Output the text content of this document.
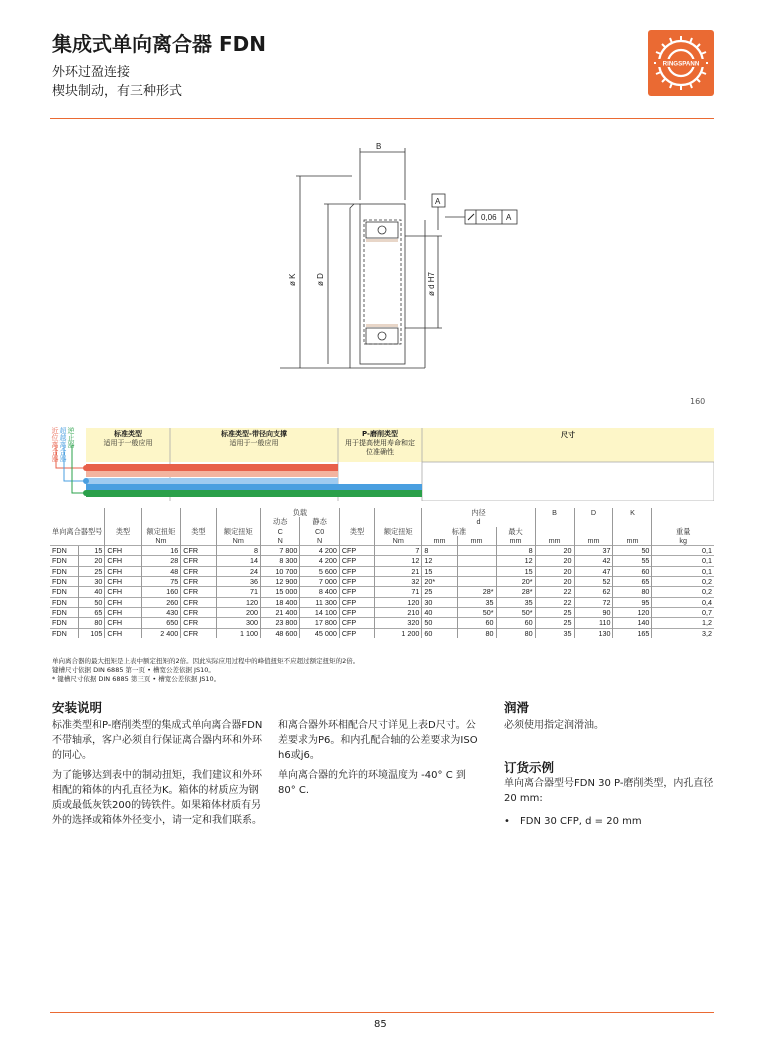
集成式单向离合器 FDN
外环过盈连接
楔块制动，有三种形式
RINGSPANN
B
A
0,06 A
ø K ø D	ø d H7
160
近位离合器 超越离合器 逆止器	标准类型
适用于一般应用
标准类型-带径向支撑
适用于一般应用
P-磨削类型
用于提高使用寿命和定位准确性
尺寸
						负载				内径			B	D	K	
						动态	静态			d						
单向离合器型号		类型	额定扭矩	类型	额定扭矩	C	C0	类型	额定扭矩	标准		最大				重量
			Nm		Nm	N	N		Nm	mm	mm	mm	mm	mm	mm	kg
FDN	15	CFH	16	CFR	8	7 800	4 200	CFP	7	8		8	20	37	50	0,1
FDN	20	CFH	28	CFR	14	8 300	4 200	CFP	12	12		12	20	42	55	0,1
FDN	25	CFH	48	CFR	24	10 700	5 600	CFP	21	15		15	20	47	60	0,1
FDN	30	CFH	75	CFR	36	12 900	7 000	CFP	32	20*		20*	20	52	65	0,2
FDN	40	CFH	160	CFR	71	15 000	8 400	CFP	71	25	28*	28*	22	62	80	0,2
FDN	50	CFH	260	CFR	120	18 400	11 300	CFP	120	30	35	35	22	72	95	0,4
FDN	65	CFH	430	CFR	200	21 400	14 100	CFP	210	40	50*	50*	25	90	120	0,7
FDN	80	CFH	650	CFR	300	23 800	17 800	CFP	320	50	60	60	25	110	140	1,2
FDN	105	CFH	2 400	CFR	1 100	48 600	45 000	CFP	1 200	60	80	80	35	130	165	3,2
单向离合器的最大扭矩是上表中额定扭矩的2倍。因此实际应用过程中的峰值扭矩不应超过额定扭矩的2倍。
键槽尺寸依据 DIN 6885 第一页 • 槽宽公差依据 JS10。
* 键槽尺寸依据 DIN 6885 第三页 • 槽宽公差依据 JS10。
安装说明
标准类型和P-磨削类型的集成式单向离合器FDN不带轴承，客户必须自行保证离合器内环和外环的同心。
为了能够达到表中的制动扭矩，我们建议和外环相配的箱体的内孔直径为K。箱体的材质应为钢质或最低灰铁200的铸铁件。如果箱体材质有另外的选择或箱体外径变小，请一定和我们联系。
和离合器外环相配合尺寸详见上表D尺寸。公差要求为P6。和内孔配合轴的公差要求为ISO h6或j6。
单向离合器的允许的环境温度为 -40° C 到 80° C.
润滑
必须使用指定润滑油。
订货示例
单向离合器型号FDN 30 P-磨削类型，内孔直径 20 mm:
• FDN 30 CFP, d = 20 mm
85
